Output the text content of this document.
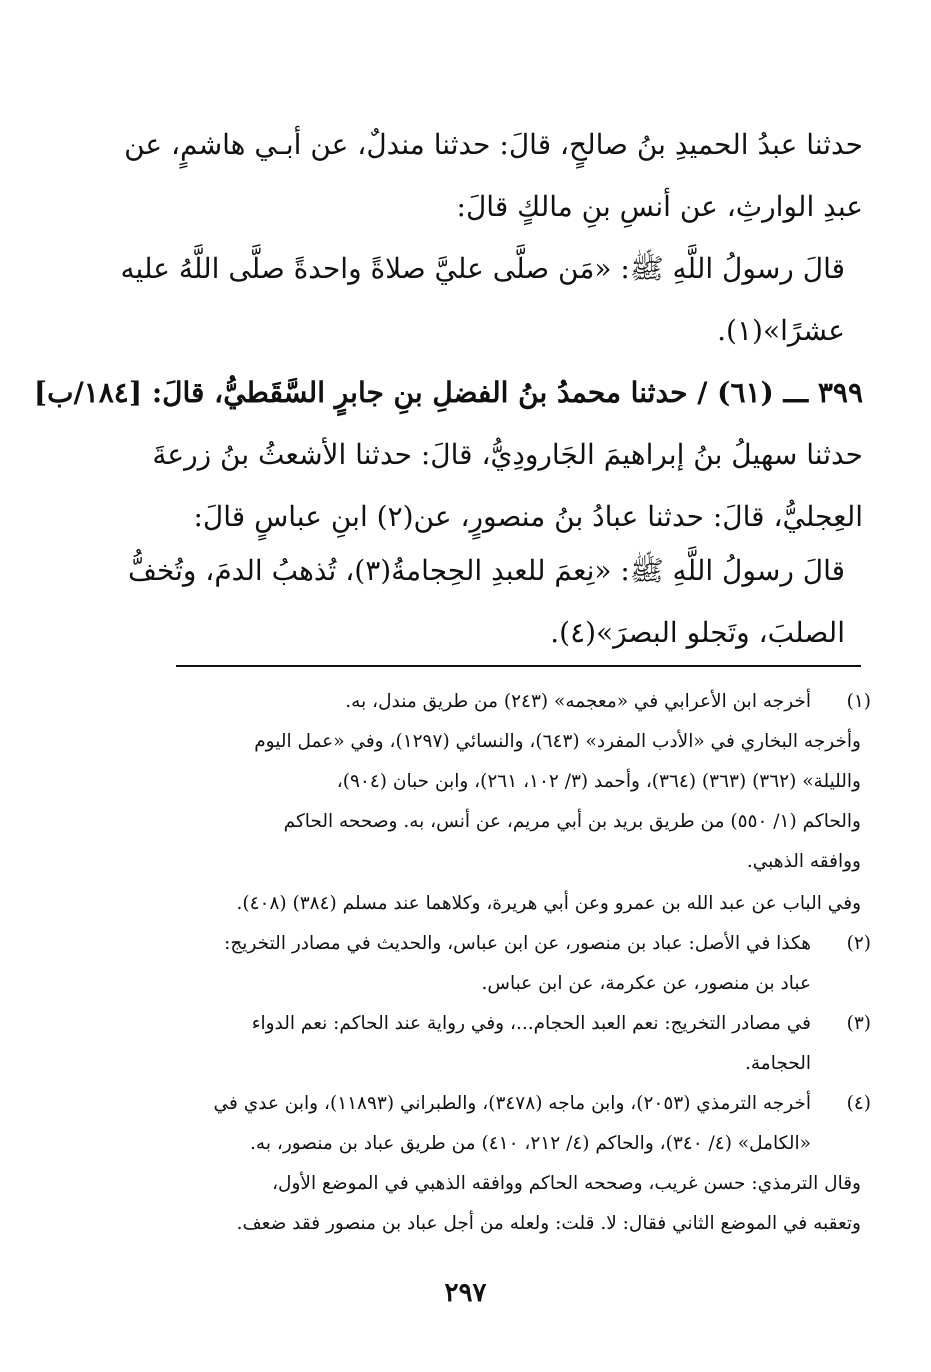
حدثنا عبدُ الحميدِ بنُ صالحٍ، قالَ: حدثنا مندلٌ، عن أبـي هاشمٍ، عن
عبدِ الوارثِ، عن أنسِ بنِ مالكٍ قالَ:
قالَ رسولُ اللَّهِ ﷺ: «مَن صلَّى عليَّ صلاةً واحدةً صلَّى اللَّهُ عليه
عشرًا»(١).
٣٩٩ ـــ (٦١) / حدثنا محمدُ بنُ الفضلِ بنِ جابرٍ السَّقَطيُّ، قالَ: [١٨٤/ب]
حدثنا سهيلُ بنُ إبراهيمَ الجَارودِيُّ، قالَ: حدثنا الأشعثُ بنُ زرعةَ
العِجليُّ، قالَ: حدثنا عبادُ بنُ منصورٍ، عن(٢) ابنِ عباسٍ قالَ:
قالَ رسولُ اللَّهِ ﷺ: «نِعمَ للعبدِ الحِجامةُ(٣)، تُذهبُ الدمَ، وتُخفُّ
الصلبَ، وتَجلو البصرَ»(٤).
(١)
أخرجه ابن الأعرابي في «معجمه» (٢٤٣) من طريق مندل، به.
وأخرجه البخاري في «الأدب المفرد» (٦٤٣)، والنسائي (١٢٩٧)، وفي «عمل اليوم
والليلة» (٣٦٢) (٣٦٣) (٣٦٤)، وأحمد (٣/ ١٠٢، ٢٦١)، وابن حبان (٩٠٤)،
والحاكم (١/ ٥٥٠) من طريق بريد بن أبي مريم، عن أنس، به. وصححه الحاكم
ووافقه الذهبي.
وفي الباب عن عبد الله بن عمرو وعن أبي هريرة، وكلاهما عند مسلم (٣٨٤) (٤٠٨).
(٢)
هكذا في الأصل: عباد بن منصور، عن ابن عباس، والحديث في مصادر التخريج:
عباد بن منصور، عن عكرمة، عن ابن عباس.
(٣)
في مصادر التخريج: نعم العبد الحجام...، وفي رواية عند الحاكم: نعم الدواء
الحجامة.
(٤)
أخرجه الترمذي (٢٠٥٣)، وابن ماجه (٣٤٧٨)، والطبراني (١١٨٩٣)، وابن عدي في
«الكامل» (٤/ ٣٤٠)، والحاكم (٤/ ٢١٢، ٤١٠) من طريق عباد بن منصور، به.
وقال الترمذي: حسن غريب، وصححه الحاكم ووافقه الذهبي في الموضع الأول،
وتعقبه في الموضع الثاني فقال: لا. قلت: ولعله من أجل عباد بن منصور فقد ضعف.
٢٩٧
